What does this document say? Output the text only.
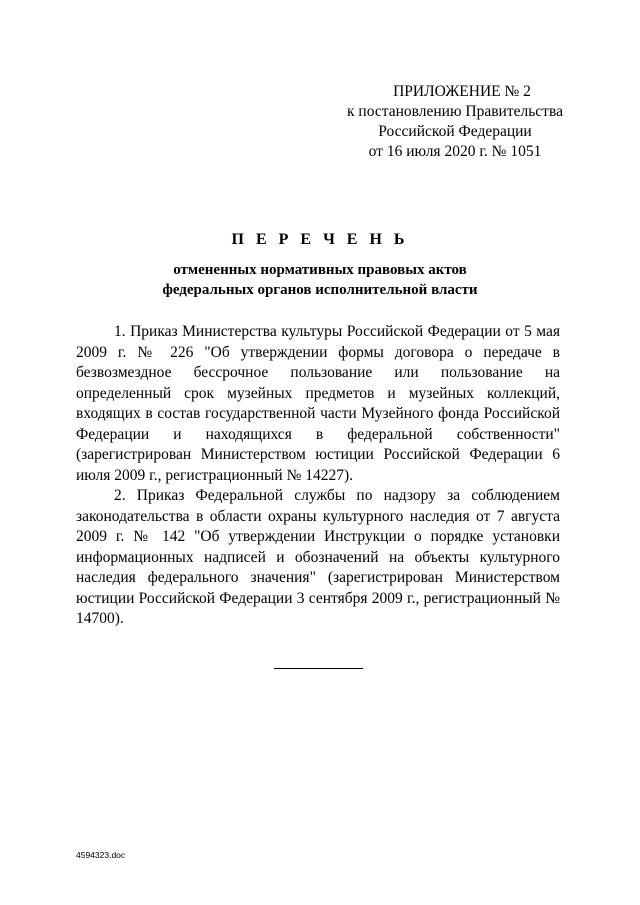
ПРИЛОЖЕНИЕ № 2
к постановлению Правительства
Российской Федерации
от 16 июля 2020 г. № 1051
П Е Р Е Ч Е Н Ь
отмененных нормативных правовых актов
федеральных органов исполнительной власти

1. Приказ Министерства культуры Российской Федерации от 5 мая 2009 г. № 226 "Об утверждении формы договора о передаче в безвозмездное бессрочное пользование или пользование на определенный срок музейных предметов и музейных коллекций, входящих в состав государственной части Музейного фонда Российской Федерации и находящихся в федеральной собственности" (зарегистрирован Министерством юстиции Российской Федерации 6 июля 2009 г., регистрационный № 14227).

2. Приказ Федеральной службы по надзору за соблюдением законодательства в области охраны культурного наследия от 7 августа 2009 г. № 142 "Об утверждении Инструкции о порядке установки информационных надписей и обозначений на объекты культурного наследия федерального значения" (зарегистрирован Министерством юстиции Российской Федерации 3 сентября 2009 г., регистрационный № 14700).

4594323.doc
